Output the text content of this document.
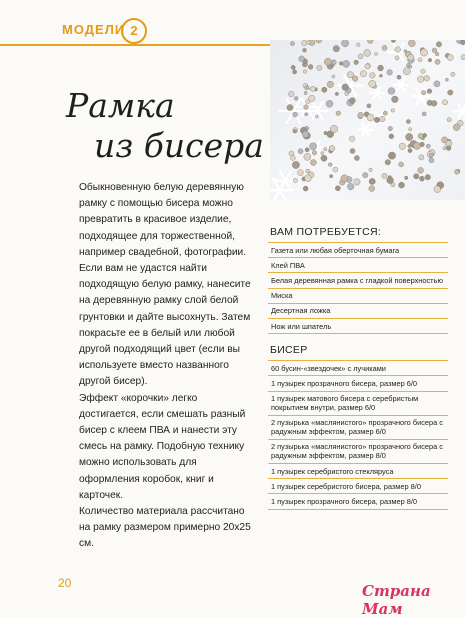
МОДЕЛИ 2
Рамка
из бисера

Обыкновенную белую деревянную рамку с помощью бисера можно превратить в красивое изделие, подходящее для торжественной, например свадебной, фотографии. Если вам не удастся найти подходящую белую рамку, нанесите на деревянную рамку слой белой грунтовки и дайте высохнуть. Затем покрасьте ее в белый или любой другой подходящий цвет (если вы используете вместо названного другой бисер).

Эффект «корочки» легко достигается, если смешать разный бисер с клеем ПВА и нанести эту смесь на рамку. Подобную технику можно использовать для оформления коробок, книг и карточек.

Количество материала рассчитано на рамку размером примерно 20х25 см.

ВАМ ПОТРЕБУЕТСЯ:
Газета или любая оберточная бумага
Клей ПВА
Белая деревянная рамка с гладкой поверхностью
Миска
Десертная ложка
Нож или шпатель
БИСЕР
60 бусин-«звездочек» с лучиками
1 пузырек прозрачного бисера, размер 6/0
1 пузырек матового бисера с серебристым покрытием внутри, размер 6/0
2 пузырька «маслянистого» прозрачного бисера с радужным эффектом, размер 6/0
2 пузырька «маслянистого» прозрачного бисера с радужным эффектом, размер 8/0
1 пузырек серебристого стекляруса
1 пузырек серебристого бисера, размер 8/0
1 пузырек прозрачного бисера, размер 8/0
20	Страна Мам
